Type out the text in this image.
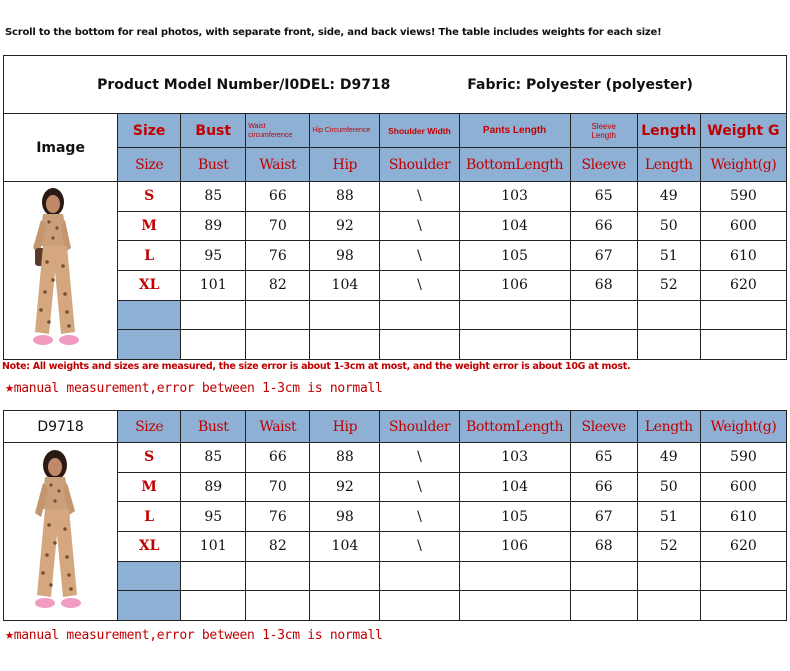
Scroll to the bottom for real photos, with separate front, side, and back views! The table includes weights for each size!
Product Model Number/I0DEL: D9718 Fabric: Polyester (polyester)									
Image	Size	Bust	Waist circumference	Hip Circumference	Shoulder Width	Pants Length	Sleeve Length	Length	Weight G
	Size	Bust	Waist	Hip	Shoulder	BottomLength	Sleeve	Length	Weight(g)
	S	85	66	88	\	103	65	49	590
	M	89	70	92	\	104	66	50	600
	L	95	76	98	\	105	67	51	610
	XL	101	82	104	\	106	68	52	620

Note: All weights and sizes are measured, the size error is about 1-3cm at most, and the weight error is about 10G at most.
★manual measurement,error between 1-3cm is normall
D9718	Size	Bust	Waist	Hip	Shoulder	BottomLength	Sleeve	Length	Weight(g)
	S	85	66	88	\	103	65	49	590
	M	89	70	92	\	104	66	50	600
	L	95	76	98	\	105	67	51	610
	XL	101	82	104	\	106	68	52	620

★manual measurement,error between 1-3cm is normall
